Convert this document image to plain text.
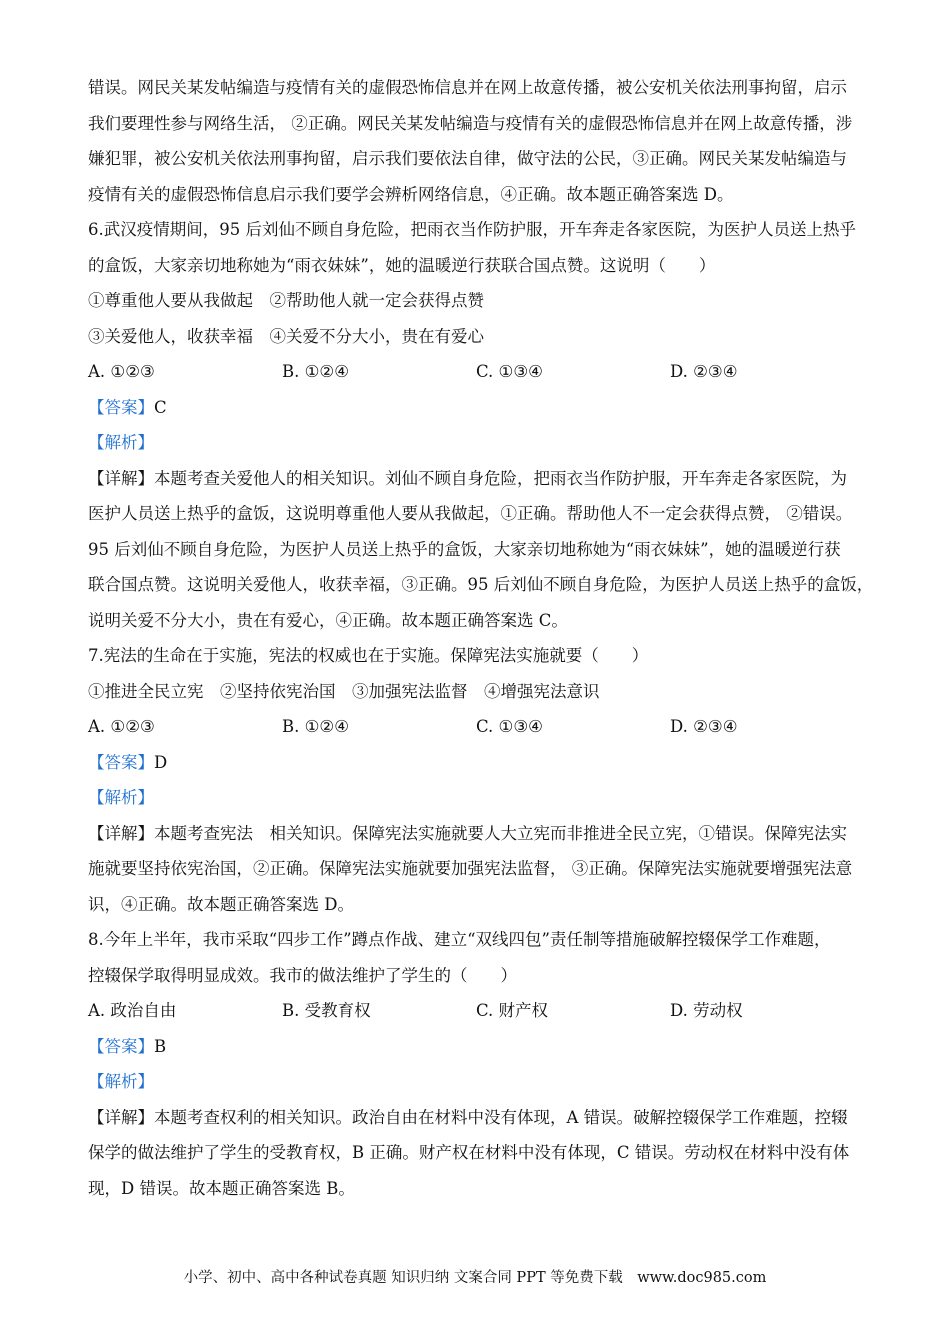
错误。网民关某发帖编造与疫情有关的虚假恐怖信息并在网上故意传播，被公安机关依法刑事拘留，启示

我们要理性参与网络生活， ②正确。网民关某发帖编造与疫情有关的虚假恐怖信息并在网上故意传播，涉

嫌犯罪，被公安机关依法刑事拘留，启示我们要依法自律，做守法的公民，③正确。网民关某发帖编造与

疫情有关的虚假恐怖信息启示我们要学会辨析网络信息，④正确。故本题正确答案选 D。

6.武汉疫情期间，95 后刘仙不顾自身危险，把雨衣当作防护服，开车奔走各家医院，为医护人员送上热乎

的盒饭，大家亲切地称她为“雨衣妹妹”，她的温暖逆行获联合国点赞。这说明（　　）

①尊重他人要从我做起　②帮助他人就一定会获得点赞

③关爱他人，收获幸福　④关爱不分大小，贵在有爱心

A. ①②③	B. ①②④	C. ①③④	D. ②③④

【答案】C

【解析】

【详解】本题考查关爱他人的相关知识。刘仙不顾自身危险，把雨衣当作防护服，开车奔走各家医院，为

医护人员送上热乎的盒饭，这说明尊重他人要从我做起，①正确。帮助他人不一定会获得点赞， ②错误。

95 后刘仙不顾自身危险，为医护人员送上热乎的盒饭，大家亲切地称她为“雨衣妹妹”，她的温暖逆行获

联合国点赞。这说明关爱他人，收获幸福，③正确。95 后刘仙不顾自身危险，为医护人员送上热乎的盒饭，

说明关爱不分大小，贵在有爱心，④正确。故本题正确答案选 C。

7.宪法的生命在于实施，宪法的权威也在于实施。保障宪法实施就要（　　）

①推进全民立宪　②坚持依宪治国　③加强宪法监督　④增强宪法意识

A. ①②③	B. ①②④	C. ①③④	D. ②③④

【答案】D

【解析】

【详解】本题考查宪法　相关知识。保障宪法实施就要人大立宪而非推进全民立宪，①错误。保障宪法实

施就要坚持依宪治国，②正确。保障宪法实施就要加强宪法监督， ③正确。保障宪法实施就要增强宪法意

识，④正确。故本题正确答案选 D。

8.今年上半年，我市采取“四步工作”蹲点作战、建立“双线四包”责任制等措施破解控辍保学工作难题，

控辍保学取得明显成效。我市的做法维护了学生的（　　）

A. 政治自由	B. 受教育权	C. 财产权	D. 劳动权

【答案】B

【解析】

【详解】本题考查权利的相关知识。政治自由在材料中没有体现，A 错误。破解控辍保学工作难题，控辍

保学的做法维护了学生的受教育权，B 正确。财产权在材料中没有体现，C 错误。劳动权在材料中没有体

现，D 错误。故本题正确答案选 B。

小学、初中、高中各种试卷真题 知识归纳 文案合同 PPT 等免费下载　www.doc985.com
